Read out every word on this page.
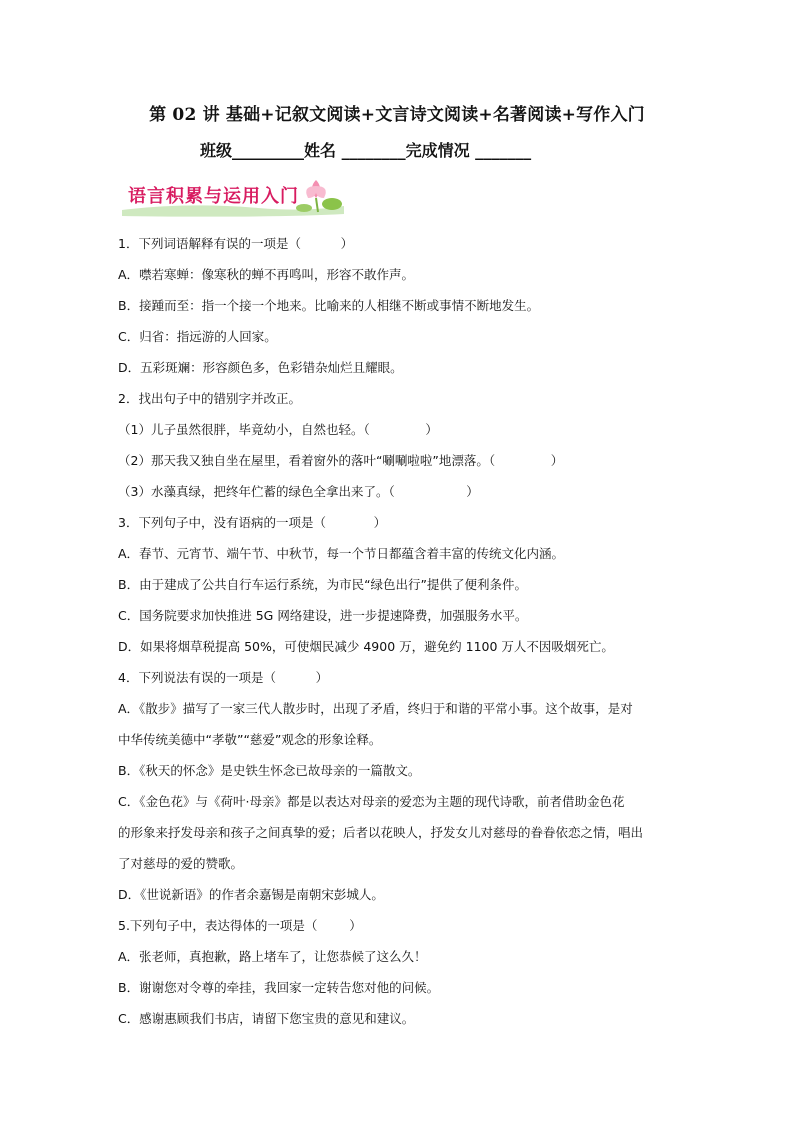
第 02 讲 基础+记叙文阅读+文言诗文阅读+名著阅读+写作入门
班级_________姓名 ________完成情况 _______
语言积累与运用入门

1．下列词语解释有误的一项是（          ）

A．噤若寒蝉：像寒秋的蝉不再鸣叫，形容不敢作声。

B．接踵而至：指一个接一个地来。比喻来的人相继不断或事情不断地发生。

C．归省：指远游的人回家。

D．五彩斑斓：形容颜色多，色彩错杂灿烂且耀眼。

2．找出句子中的错别字并改正。

（1）儿子虽然很胖，毕竟幼小，自然也轻。（              ）

（2）那天我又独自坐在屋里，看着窗外的落叶“唰唰啦啦”地漂落。（              ）

（3）水藻真绿，把终年伫蓄的绿色全拿出来了。（                  ）

3．下列句子中，没有语病的一项是（            ）

A．春节、元宵节、端午节、中秋节，每一个节日都蕴含着丰富的传统文化内涵。

B．由于建成了公共自行车运行系统，为市民“绿色出行”提供了便利条件。

C．国务院要求加快推进 5G 网络建设，进一步提速降费，加强服务水平。

D．如果将烟草税提高 50%，可使烟民减少 4900 万，避免约 1100 万人不因吸烟死亡。

4．下列说法有误的一项是（          ）

A．《散步》描写了一家三代人散步时，出现了矛盾，终归于和谐的平常小事。这个故事，是对

中华传统美德中“孝敬”“慈爱”观念的形象诠释。

B．《秋天的怀念》是史铁生怀念已故母亲的一篇散文。

C．《金色花》与《荷叶·母亲》都是以表达对母亲的爱恋为主题的现代诗歌，前者借助金色花

的形象来抒发母亲和孩子之间真挚的爱；后者以花映人，抒发女儿对慈母的眷眷依恋之情，唱出

了对慈母的爱的赞歌。

D．《世说新语》的作者余嘉锡是南朝宋彭城人。

5.下列句子中，表达得体的一项是（        ）

A．张老师，真抱歉，路上堵车了，让您恭候了这么久！

B．谢谢您对令尊的牵挂，我回家一定转告您对他的问候。

C．感谢惠顾我们书店，请留下您宝贵的意见和建议。
